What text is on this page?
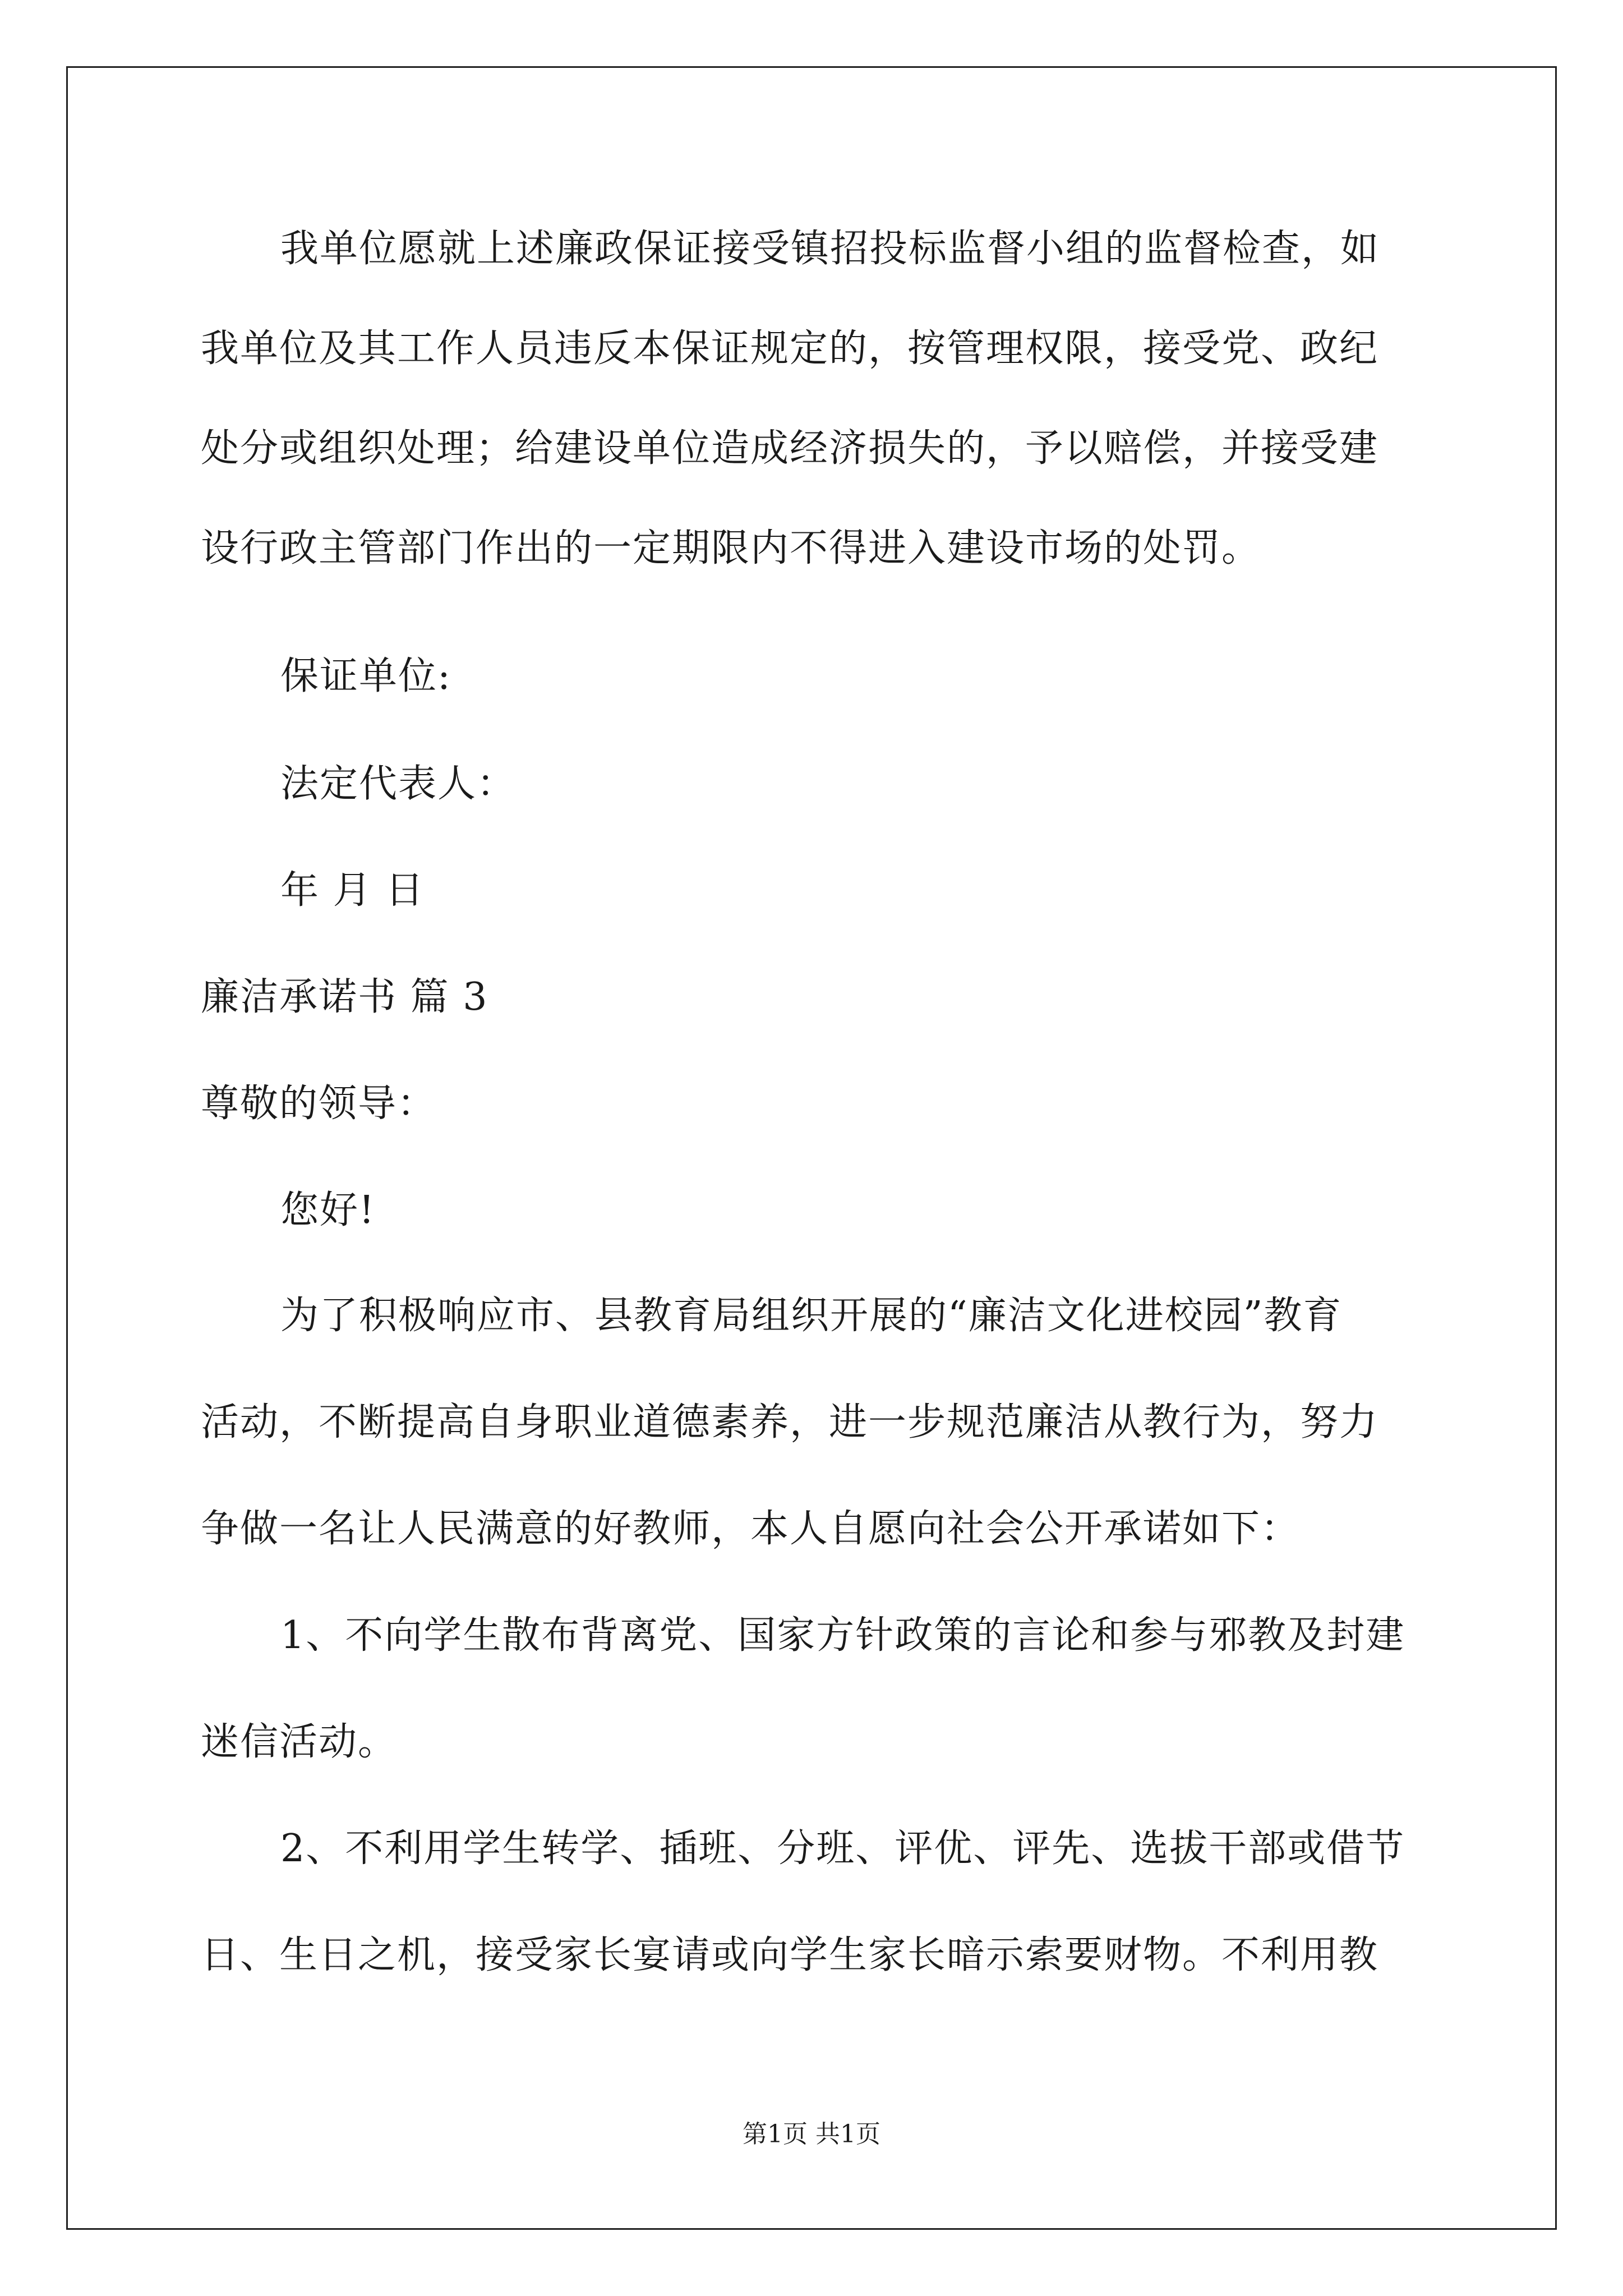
我单位愿就上述廉政保证接受镇招投标监督小组的监督检查，如
我单位及其工作人员违反本保证规定的，按管理权限，接受党、政纪
处分或组织处理；给建设单位造成经济损失的，予以赔偿，并接受建
设行政主管部门作出的一定期限内不得进入建设市场的处罚。
保证单位:
法定代表人：
年 月 日
廉洁承诺书 篇 3
尊敬的领导：
您好!
为了积极响应市、县教育局组织开展的“廉洁文化进校园”教育
活动，不断提高自身职业道德素养，进一步规范廉洁从教行为，努力
争做一名让人民满意的好教师，本人自愿向社会公开承诺如下：
1、不向学生散布背离党、国家方针政策的言论和参与邪教及封建
迷信活动。
2、不利用学生转学、插班、分班、评优、评先、选拔干部或借节
日、生日之机，接受家长宴请或向学生家长暗示索要财物。不利用教
第1页 共1页
